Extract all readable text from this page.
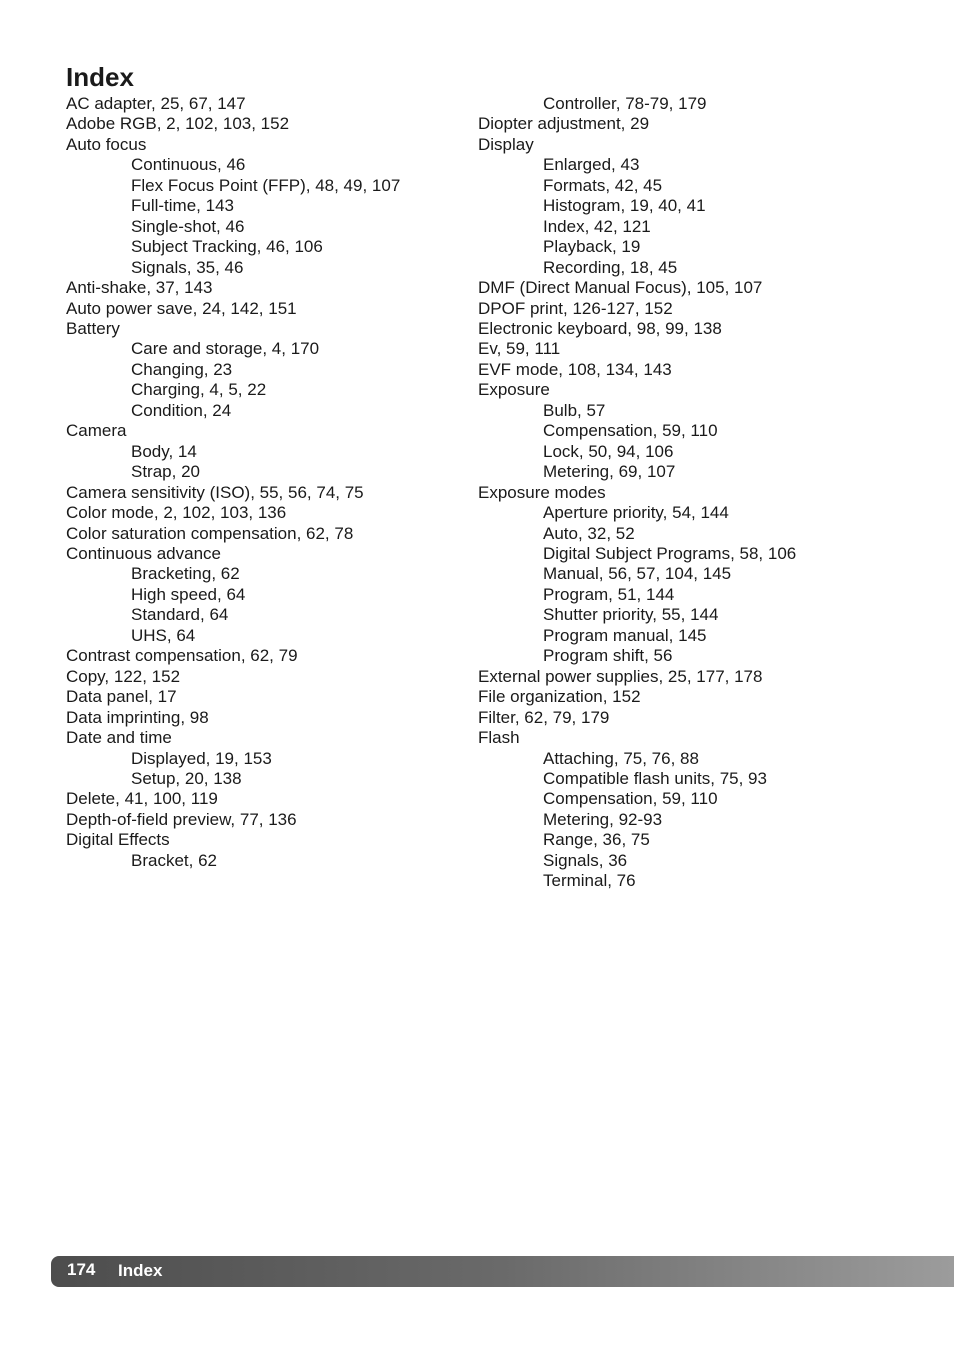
Index
AC adapter, 25, 67, 147
Adobe RGB, 2, 102, 103, 152
Auto focus
Continuous, 46
Flex Focus Point (FFP), 48, 49, 107
Full-time, 143
Single-shot, 46
Subject Tracking, 46, 106
Signals, 35, 46
Anti-shake, 37, 143
Auto power save, 24, 142, 151
Battery
Care and storage, 4, 170
Changing, 23
Charging, 4, 5, 22
Condition, 24
Camera
Body, 14
Strap, 20
Camera sensitivity (ISO), 55, 56, 74, 75
Color mode, 2, 102, 103, 136
Color saturation compensation, 62, 78
Continuous advance
Bracketing, 62
High speed, 64
Standard, 64
UHS, 64
Contrast compensation, 62, 79
Copy, 122, 152
Data panel, 17
Data imprinting, 98
Date and time
Displayed, 19, 153
Setup, 20, 138
Delete, 41, 100, 119
Depth-of-field preview, 77, 136
Digital Effects
Bracket, 62
Controller, 78-79, 179
Diopter adjustment, 29
Display
Enlarged, 43
Formats, 42, 45
Histogram, 19, 40, 41
Index, 42, 121
Playback, 19
Recording, 18, 45
DMF (Direct Manual Focus), 105, 107
DPOF print, 126-127, 152
Electronic keyboard, 98, 99, 138
Ev, 59, 111
EVF mode, 108, 134, 143
Exposure
Bulb, 57
Compensation, 59, 110
Lock, 50, 94, 106
Metering, 69, 107
Exposure modes
Aperture priority, 54, 144
Auto, 32, 52
Digital Subject Programs, 58, 106
Manual, 56, 57, 104, 145
Program, 51, 144
Shutter priority, 55, 144
Program manual, 145
Program shift, 56
External power supplies, 25, 177, 178
File organization, 152
Filter, 62, 79, 179
Flash
Attaching, 75, 76, 88
Compatible flash units, 75, 93
Compensation, 59, 110
Metering, 92-93
Range, 36, 75
Signals, 36
Terminal, 76
174 Index
